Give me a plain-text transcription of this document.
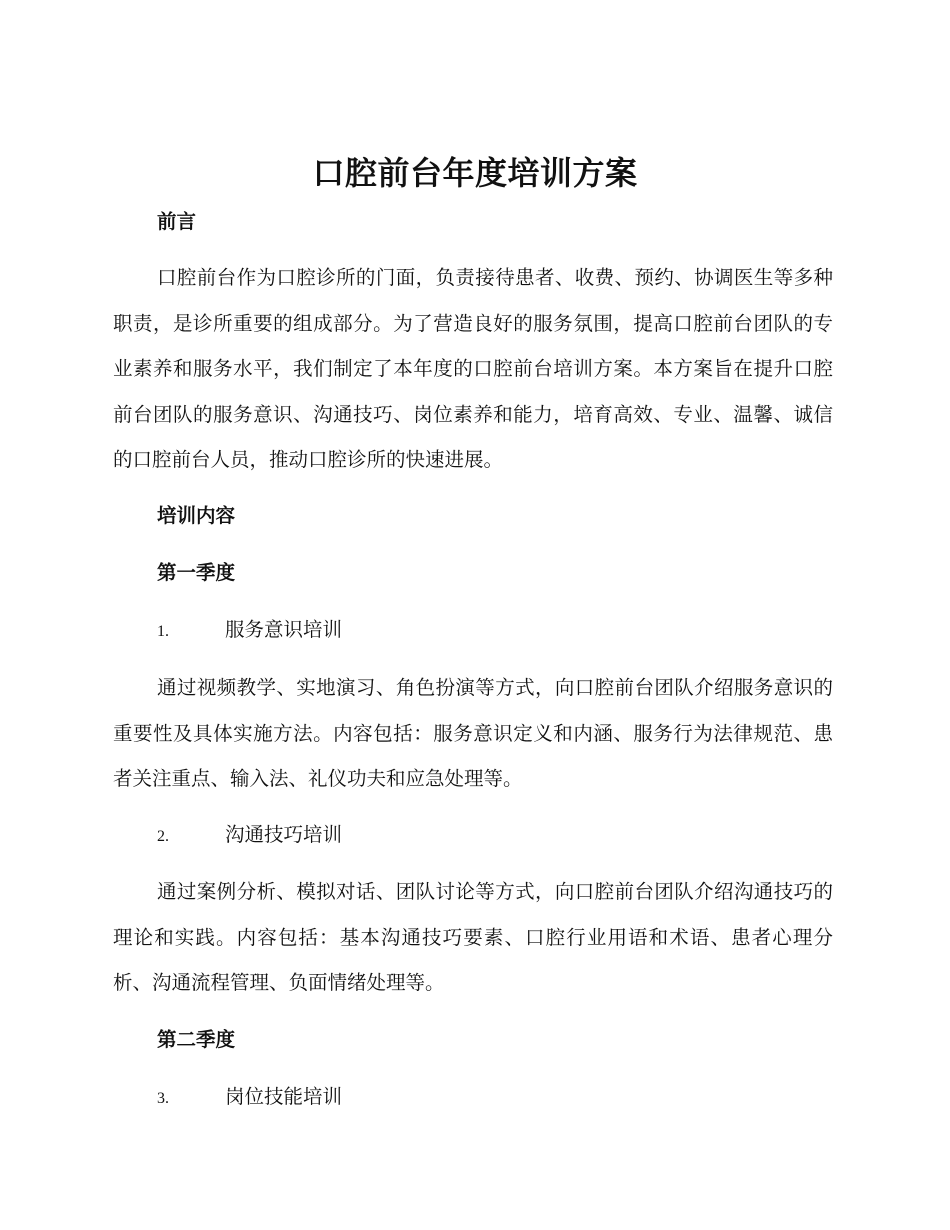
口腔前台年度培训方案
前言
口腔前台作为口腔诊所的门面，负责接待患者、收费、预约、协调医生等多种职责，是诊所重要的组成部分。为了营造良好的服务氛围，提高口腔前台团队的专业素养和服务水平，我们制定了本年度的口腔前台培训方案。本方案旨在提升口腔前台团队的服务意识、沟通技巧、岗位素养和能力，培育高效、专业、温馨、诚信的口腔前台人员，推动口腔诊所的快速进展。
培训内容
第一季度
1.	服务意识培训
通过视频教学、实地演习、角色扮演等方式，向口腔前台团队介绍服务意识的重要性及具体实施方法。内容包括：服务意识定义和内涵、服务行为法律规范、患者关注重点、输入法、礼仪功夫和应急处理等。
2.	沟通技巧培训
通过案例分析、模拟对话、团队讨论等方式，向口腔前台团队介绍沟通技巧的理论和实践。内容包括：基本沟通技巧要素、口腔行业用语和术语、患者心理分析、沟通流程管理、负面情绪处理等。
第二季度
3.	岗位技能培训
